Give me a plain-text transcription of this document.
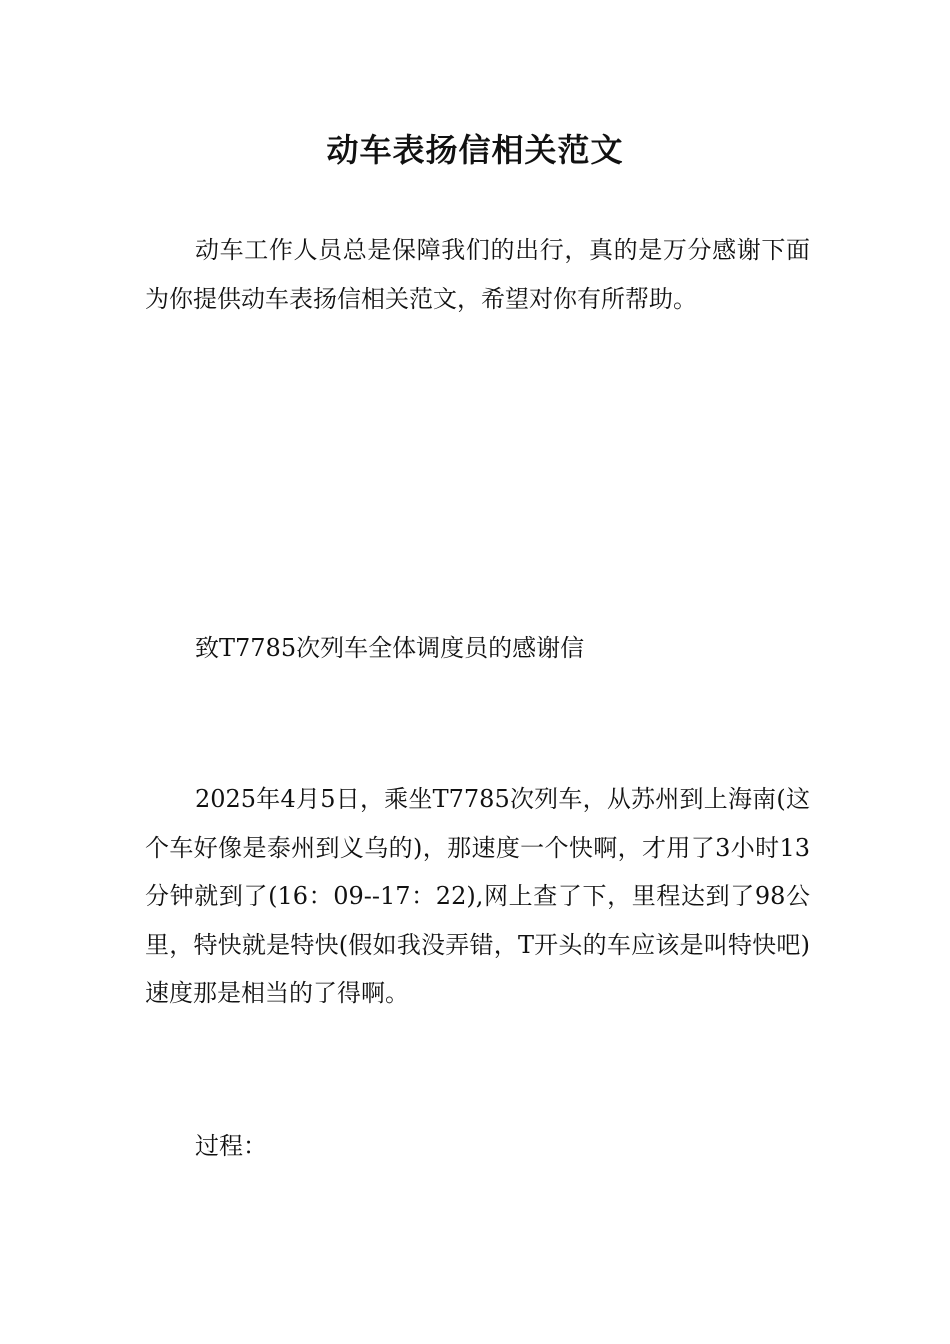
动车表扬信相关范文

动车工作人员总是保障我们的出行，真的是万分感谢下面为你提供动车表扬信相关范文，希望对你有所帮助。

致T7785次列车全体调度员的感谢信

2025年4月5日，乘坐T7785次列车，从苏州到上海南(这个车好像是泰州到义乌的)，那速度一个快啊，才用了3小时13分钟就到了(16：09--17：22),网上查了下，里程达到了98公里，特快就是特快(假如我没弄错，T开头的车应该是叫特快吧)速度那是相当的了得啊。

过程：
